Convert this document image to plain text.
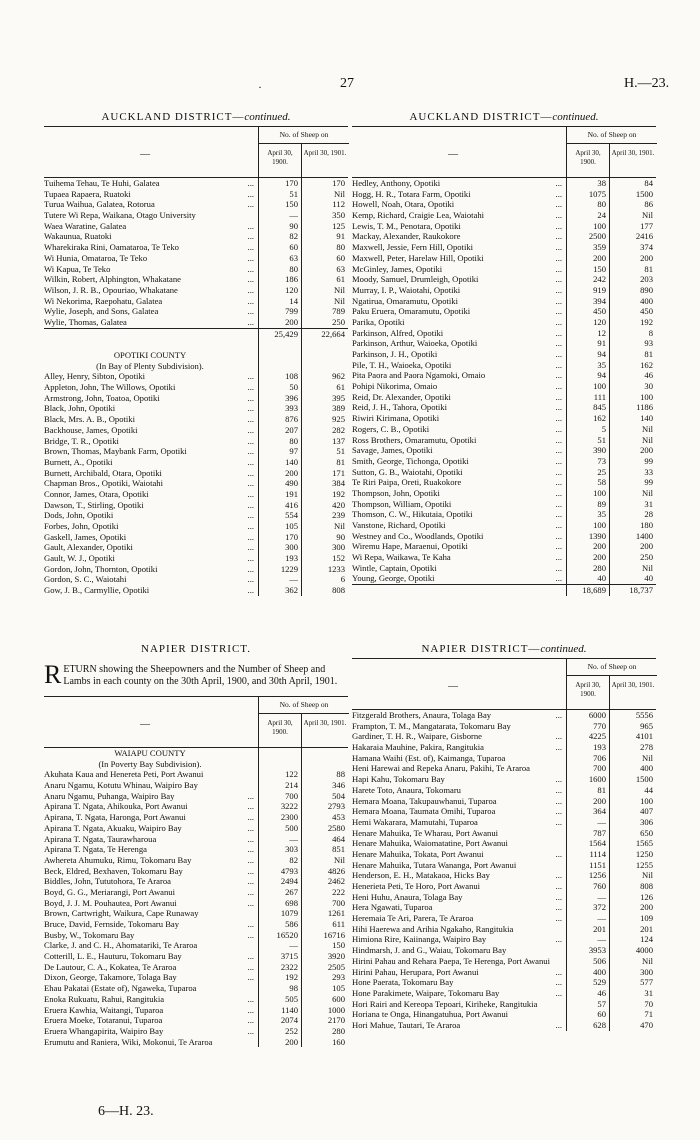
·	27	H.—23.
AUCKLAND DISTRICT—continued.
—
No. of Sheep on
April 30, 1900.
April 30, 1901.
Tuihema Tehau, Te Huhi, Galatea	...	170	170
Tupaea Rapaera, Ruatoki	...	51	Nil
Turua Waihua, Galatea, Rotorua	...	150	112
Tutere Wi Repa, Waikana, Otago University	—	350
Waea Waratine, Galatea	...	90	125
Wakaunua, Ruatoki	...	82	91
Wharekiraka Rini, Oamataroa, Te Teko	...	60	80
Wi Hunia, Omataroa, Te Teko	...	63	60
Wi Kapua, Te Teko	...	80	63
Wilkin, Robert, Alphington, Whakatane	...	186	61
Wilson, J. R. B., Opouriao, Whakatane	...	120	Nil
Wi Nekorima, Raepohatu, Galatea	...	14	Nil
Wylie, Joseph, and Sons, Galatea	...	799	789
Wylie, Thomas, Galatea	...	200	250
25,429	22,664
OPOTIKI COUNTY
(In Bay of Plenty Subdivision).
Alley, Henry, Sibton, Opotiki	...	108	962
Appleton, John, The Willows, Opotiki	...	50	61
Armstrong, John, Toatoa, Opotiki	...	396	395
Black, John, Opotiki	...	393	389
Black, Mrs. A. B., Opotiki	...	876	925
Backhouse, James, Opotiki	...	207	282
Bridge, T. R., Opotiki	...	80	137
Brown, Thomas, Maybank Farm, Opotiki	...	97	51
Burnett, A., Opotiki	...	140	81
Burnett, Archibald, Otara, Opotiki	...	200	171
Chapman Bros., Opotiki, Waiotahi	...	490	384
Connor, James, Otara, Opotiki	...	191	192
Dawson, T., Stirling, Opotiki	...	416	420
Dods, John, Opotiki	...	554	239
Forbes, John, Opotiki	...	105	Nil
Gaskell, James, Opotiki	...	170	90
Gault, Alexander, Opotiki	...	300	300
Gault, W. J., Opotiki	...	193	152
Gordon, John, Thornton, Opotiki	...	1229	1233
Gordon, S. C., Waiotahi	...	—	6
Gow, J. B., Carmyllie, Opotiki	...	362	808
AUCKLAND DISTRICT—continued.
—
No. of Sheep on
April 30, 1900.
April 30, 1901.
Hedley, Anthony, Opotiki	...	38	84
Hogg, H. R., Totara Farm, Opotiki	...	1075	1500
Howell, Noah, Otara, Opotiki	...	80	86
Kemp, Richard, Craigie Lea, Waiotahi	...	24	Nil
Lewis, T. M., Penotara, Opotiki	...	100	177
Mackay, Alexander, Raukokore	...	2500	2416
Maxwell, Jessie, Fern Hill, Opotiki	...	359	374
Maxwell, Peter, Harelaw Hill, Opotiki	...	200	200
McGinley, James, Opotiki	...	150	81
Moody, Samuel, Drumleigh, Opotiki	...	242	203
Murray, I. P., Waiotahi, Opotiki	...	919	890
Ngatirua, Omaramutu, Opotiki	...	394	400
Paku Eruera, Omaramutu, Opotiki	...	450	450
Parika, Opotiki	...	120	192
Parkinson, Alfred, Opotiki	...	12	8
Parkinson, Arthur, Waioeka, Opotiki	...	91	93
Parkinson, J. H., Opotiki	...	94	81
Pile, T. H., Waioeka, Opotiki	...	35	162
Pita Paora and Paora Ngamoki, Omaio	...	94	46
Pohipi Nikorima, Omaio	...	100	30
Reid, Dr. Alexander, Opotiki	...	111	100
Reid, J. H., Tahora, Opotiki	...	845	1186
Riwiri Kirimana, Opotiki	...	162	140
Rogers, C. B., Opotiki	...	5	Nil
Ross Brothers, Omaramutu, Opotiki	...	51	Nil
Savage, James, Opotiki	...	390	200
Smith, George, Tichonga, Opotiki	...	73	99
Sutton, G. B., Waiotahi, Opotiki	...	25	33
Te Riri Paipa, Oreti, Ruakokore	...	58	99
Thompson, John, Opotiki	...	100	Nil
Thompson, William, Opotiki	...	89	31
Thomson, C. W., Hikutaia, Opotiki	...	35	28
Vanstone, Richard, Opotiki	...	100	180
Westney and Co., Woodlands, Opotiki	...	1390	1400
Wiremu Hape, Maraenui, Opotiki	...	200	200
Wi Repa, Waikawa, Te Kaha	...	200	250
Wintle, Captain, Opotiki	...	280	Nil
Young, George, Opotiki	...	40	40
18,689	18,737
NAPIER DISTRICT.
RETURN showing the Sheepowners and the Number of Sheep and Lambs in each county on the 30th April, 1900, and 30th April, 1901.
—
No. of Sheep on
April 30, 1900.
April 30, 1901.
WAIAPU COUNTY
(In Poverty Bay Subdivision).
Akuhata Kaua and Henereta Peti, Port Awanui	122	88
Anaru Ngamu, Kotutu Whinau, Waipiro Bay	214	346
Anaru Ngamu, Puhanga, Waipiro Bay	...	700	504
Apirana T. Ngata, Ahikouka, Port Awanui	...	3222	2793
Apirana, T. Ngata, Haronga, Port Awanui	...	2300	453
Apirana T. Ngata, Akuaku, Waipiro Bay	...	500	2580
Apirana T. Ngata, Taurawharoua	...	—	464
Apirana T. Ngata, Te Herenga	...	303	851
Awhereta Ahumuku, Rimu, Tokomaru Bay	...	82	Nil
Beck, Eldred, Bexhaven, Tokomaru Bay	...	4793	4826
Biddles, John, Tututohora, Te Araroa	...	2494	2462
Boyd, G. G., Meriarangi, Port Awanui	...	267	222
Boyd, J. J. M. Pouhautea, Port Awanui	...	698	700
Brown, Cartwright, Waikura, Cape Runaway	1079	1261
Bruce, David, Fernside, Tokomaru Bay	...	586	611
Busby, W., Tokomaru Bay	...	16520	16716
Clarke, J. and C. H., Ahomatariki, Te Araroa	—	150
Cotterill, L. E., Hauturu, Tokomaru Bay	...	3715	3920
De Lautour, C. A., Kokatea, Te Araroa	...	2322	2505
Dixon, George, Takamore, Tolaga Bay	...	192	293
Ehau Pakatai (Estate of), Ngaweka, Tuparoa	98	105
Enoka Rukuatu, Rahui, Rangitukia	...	505	600
Eruera Kawhia, Waitangi, Tuparoa	...	1140	1000
Eruera Moeke, Totaranui, Tuparoa	...	2074	2170
Eruera Whangapirita, Waipiro Bay	...	252	280
Erumutu and Raniera, Wiki, Mokonui, Te Araroa	200	160
NAPIER DISTRICT—continued.
—
No. of Sheep on
April 30, 1900.
April 30, 1901.
Fitzgerald Brothers, Anaura, Tolaga Bay	...	6000	5556
Frampton, T. M., Mangatarata, Tokomaru Bay	770	965
Gardiner, T. H. R., Waipare, Gisborne	...	4225	4101
Hakaraia Mauhine, Pakira, Rangitukia	...	193	278
Hamana Waihi (Est. of), Kaimanga, Tuparoa	706	Nil
Heni Harewai and Repeka Anaru, Pakihi, Te Araroa	700	400
Hapi Kahu, Tokomaru Bay	...	1600	1500
Harete Toto, Anaura, Tokomaru	...	81	44
Hemara Moana, Takupauwhanui, Tuparoa	...	200	100
Hemara Moana, Taumata Omihi, Tuparoa	...	364	407
Hemi Wakarara, Mamutahi, Tuparoa	...	—	306
Henare Mahuika, Te Wharau, Port Awanui	787	650
Henare Mahuika, Waiomatatine, Port Awanui	1564	1565
Henare Mahuika, Tokata, Port Awanui	...	1114	1250
Henare Mahuika, Tutara Wananga, Port Awanui	1151	1255
Henderson, E. H., Matakaoa, Hicks Bay	...	1256	Nil
Henerieta Peti, Te Horo, Port Awanui	...	760	808
Heni Huhu, Anaura, Tolaga Bay	...	—	126
Hera Ngawati, Tuparoa	...	372	200
Heremaia Te Ari, Parera, Te Araroa	...	—	109
Hihi Haerewa and Arihia Ngakaho, Rangitukia	201	201
Himiona Rire, Kaiinanga, Waipiro Bay	...	—	124
Hindmarsh, J. and G., Waiau, Tokomaru Bay	3953	4000
Hirini Pahau and Rehara Paepa, Te Herenga, Port Awanui	506	Nil
Hirini Pahau, Herupara, Port Awanui	...	400	300
Hone Paerata, Tokomaru Bay	...	529	577
Hone Parakimete, Waipare, Tokomaru Bay	...	46	31
Hori Rairi and Kereopa Tepoari, Kiriheke, Rangitukia	57	70
Horiana te Onga, Hinangatuhua, Port Awanui	60	71
Hori Mahue, Tautari, Te Araroa	...	628	470
6—H. 23.
